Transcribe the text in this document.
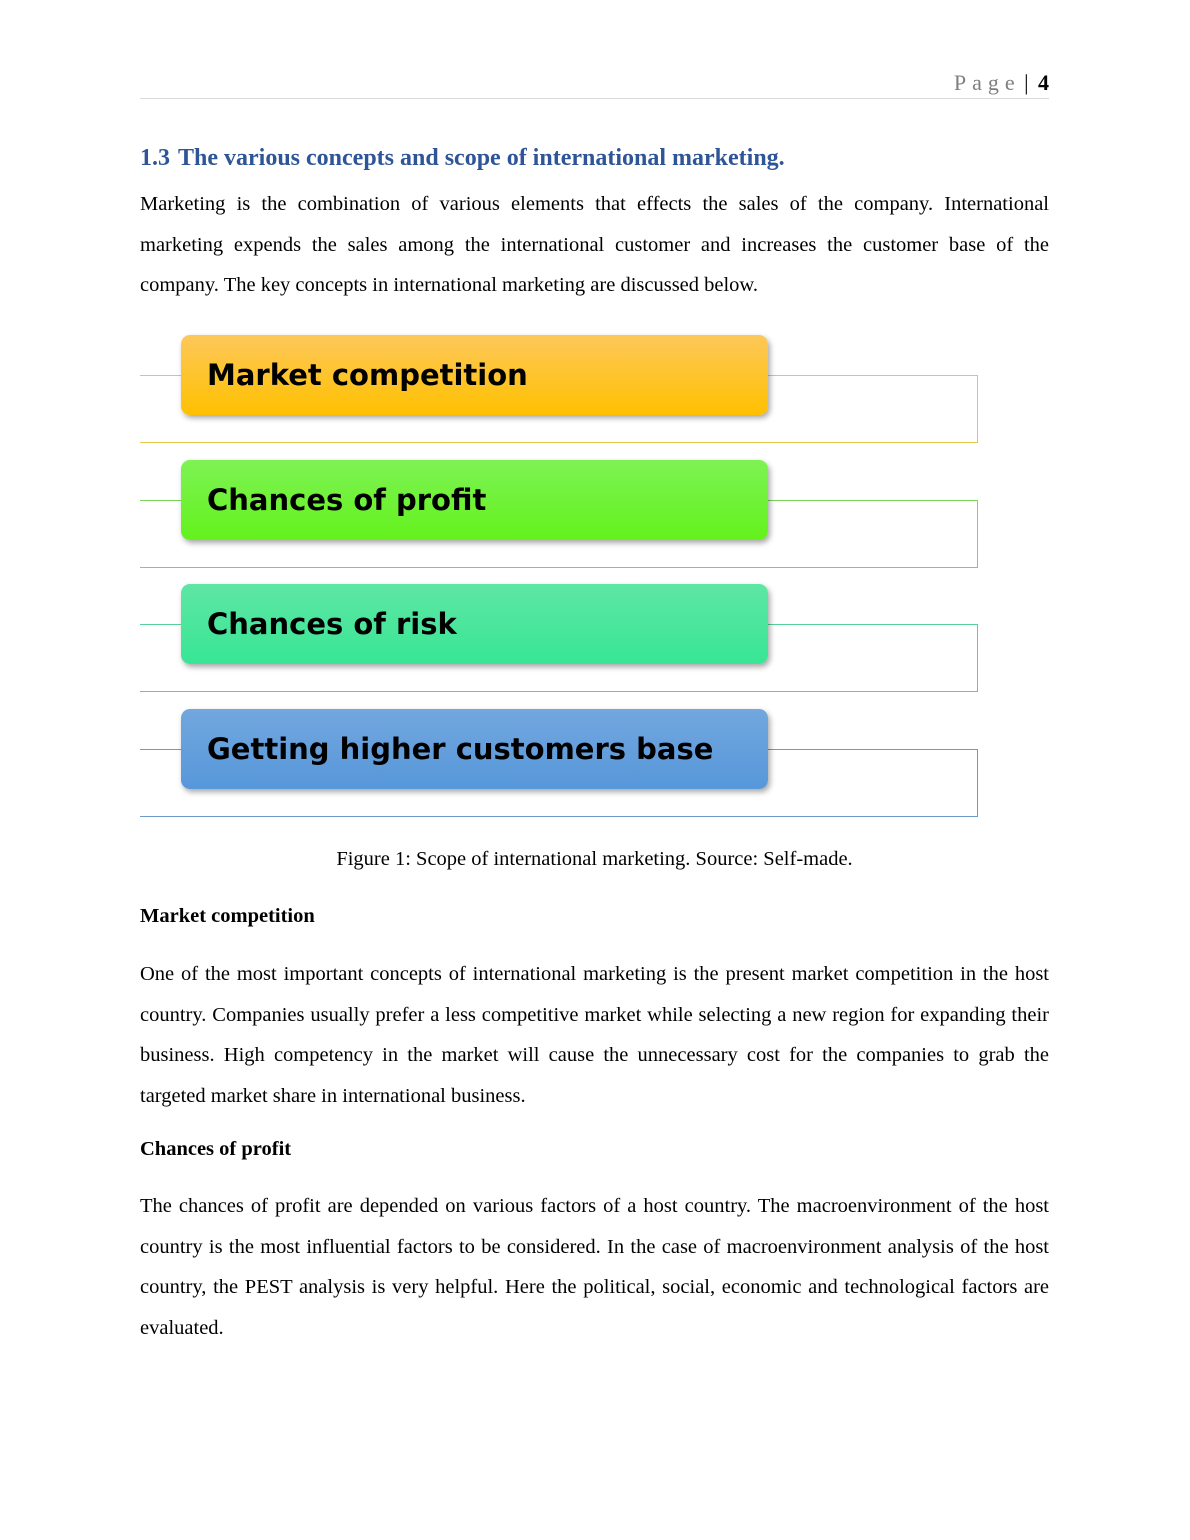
Page | 4
1.3 The various concepts and scope of international marketing.

Marketing is the combination of various elements that effects the sales of the company. International marketing expends the sales among the international customer and increases the customer base of the company. The key concepts in international marketing are discussed below.

Market competition
Chances of profit
Chances of risk
Getting higher customers base
Figure 1: Scope of international marketing. Source: Self-made.

Market competition

One of the most important concepts of international marketing is the present market competition in the host country. Companies usually prefer a less competitive market while selecting a new region for expanding their business. High competency in the market will cause the unnecessary cost for the companies to grab the targeted market share in international business.

Chances of profit

The chances of profit are depended on various factors of a host country. The macroenvironment of the host country is the most influential factors to be considered. In the case of macroenvironment analysis of the host country, the PEST analysis is very helpful. Here the political, social, economic and technological factors are evaluated.
